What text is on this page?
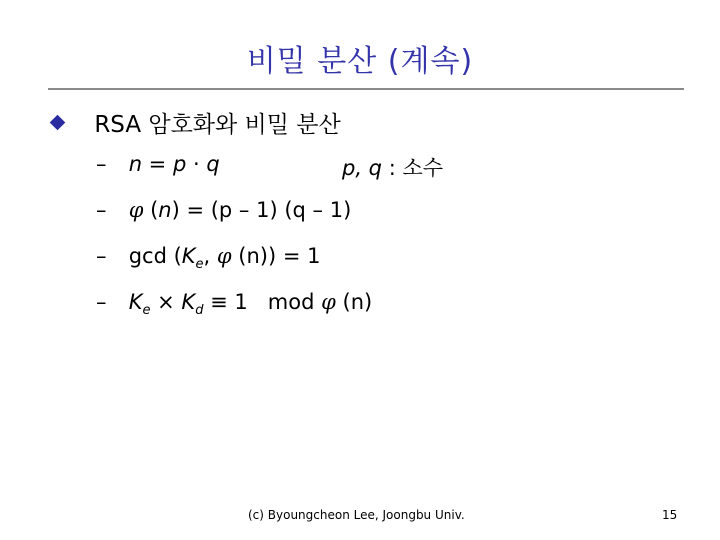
비밀 분산 (계속)
RSA 암호화와 비밀 분산
– n = p · q	p, q : 소수
– φ (n) = (p – 1) (q – 1)
– $\gcd (K_e$, φ (n)) = 1
– $K_e \times K_d \equiv 1$   mod φ (n)
(c) Byoungcheon Lee, Joongbu Univ.	15
